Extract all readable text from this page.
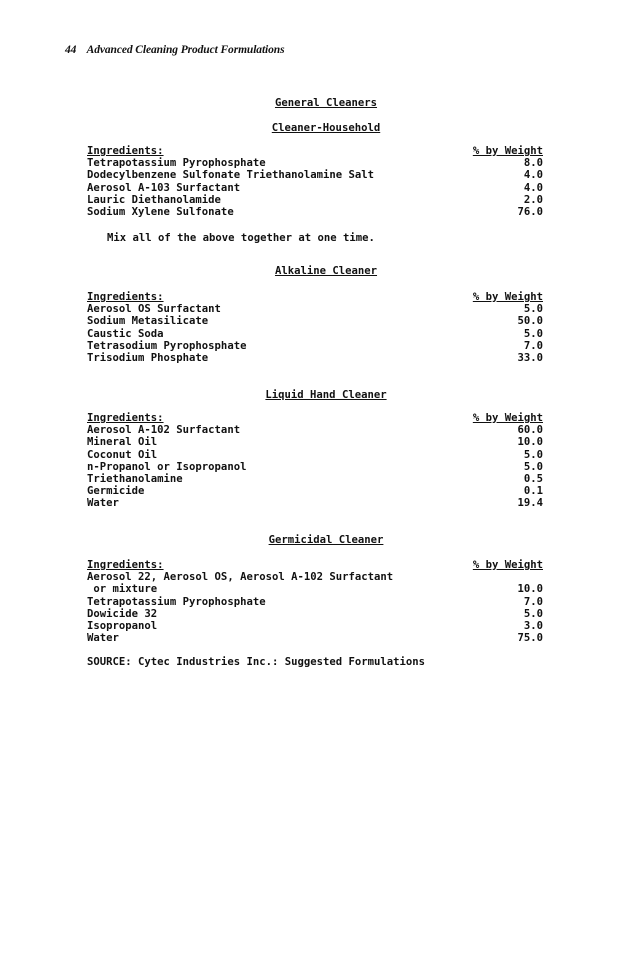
44 Advanced Cleaning Product Formulations
General Cleaners
Cleaner-Household
Ingredients:	% by Weight
Tetrapotassium Pyrophosphate	8.0
Dodecylbenzene Sulfonate Triethanolamine Salt	4.0
Aerosol A-103 Surfactant	4.0
Lauric Diethanolamide	2.0
Sodium Xylene Sulfonate	76.0
Mix all of the above together at one time.
Alkaline Cleaner
Ingredients:	% by Weight
Aerosol OS Surfactant	5.0
Sodium Metasilicate	50.0
Caustic Soda	5.0
Tetrasodium Pyrophosphate	7.0
Trisodium Phosphate	33.0
Liquid Hand Cleaner
Ingredients:	% by Weight
Aerosol A-102 Surfactant	60.0
Mineral Oil	10.0
Coconut Oil	5.0
n-Propanol or Isopropanol	5.0
Triethanolamine	0.5
Germicide	0.1
Water	19.4
Germicidal Cleaner
Ingredients:	% by Weight
Aerosol 22, Aerosol OS, Aerosol A-102 Surfactant
or mixture	10.0
Tetrapotassium Pyrophosphate	7.0
Dowicide 32	5.0
Isopropanol	3.0
Water	75.0
SOURCE: Cytec Industries Inc.: Suggested Formulations
